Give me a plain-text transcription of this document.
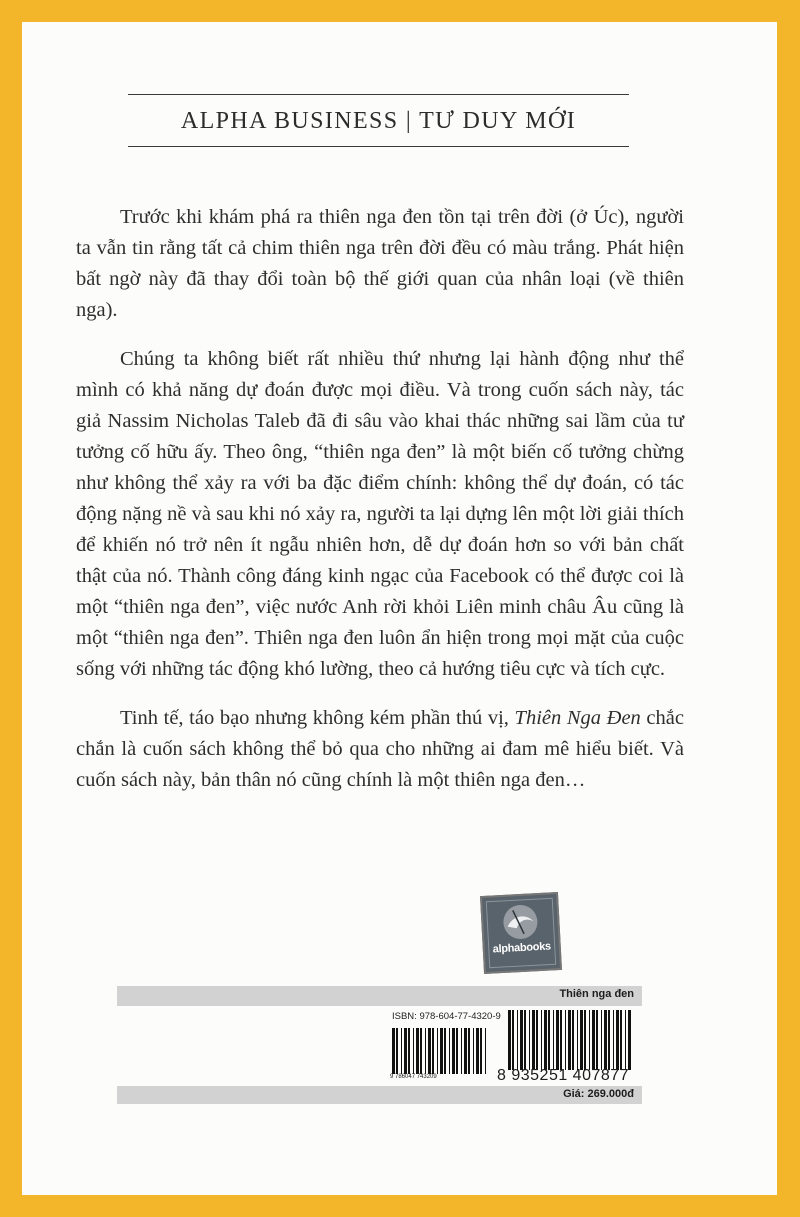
ALPHA BUSINESS | TƯ DUY MỚI

Trước khi khám phá ra thiên nga đen tồn tại trên đời (ở Úc), người ta vẫn tin rằng tất cả chim thiên nga trên đời đều có màu trắng. Phát hiện bất ngờ này đã thay đổi toàn bộ thế giới quan của nhân loại (về thiên nga).

Chúng ta không biết rất nhiều thứ nhưng lại hành động như thể mình có khả năng dự đoán được mọi điều. Và trong cuốn sách này, tác giả Nassim Nicholas Taleb đã đi sâu vào khai thác những sai lầm của tư tưởng cố hữu ấy. Theo ông, “thiên nga đen” là một biến cố tưởng chừng như không thể xảy ra với ba đặc điểm chính: không thể dự đoán, có tác động nặng nề và sau khi nó xảy ra, người ta lại dựng lên một lời giải thích để khiến nó trở nên ít ngẫu nhiên hơn, dễ dự đoán hơn so với bản chất thật của nó. Thành công đáng kinh ngạc của Facebook có thể được coi là một “thiên nga đen”, việc nước Anh rời khỏi Liên minh châu Âu cũng là một “thiên nga đen”. Thiên nga đen luôn ẩn hiện trong mọi mặt của cuộc sống với những tác động khó lường, theo cả hướng tiêu cực và tích cực.

Tinh tế, táo bạo nhưng không kém phần thú vị, Thiên Nga Đen chắc chắn là cuốn sách không thể bỏ qua cho những ai đam mê hiểu biết. Và cuốn sách này, bản thân nó cũng chính là một thiên nga đen…

alphabooks
Thiên nga đen
ISBN: 978-604-77-4320-9
9 786047 743209	8 935251 407877
Giá: 269.000đ
